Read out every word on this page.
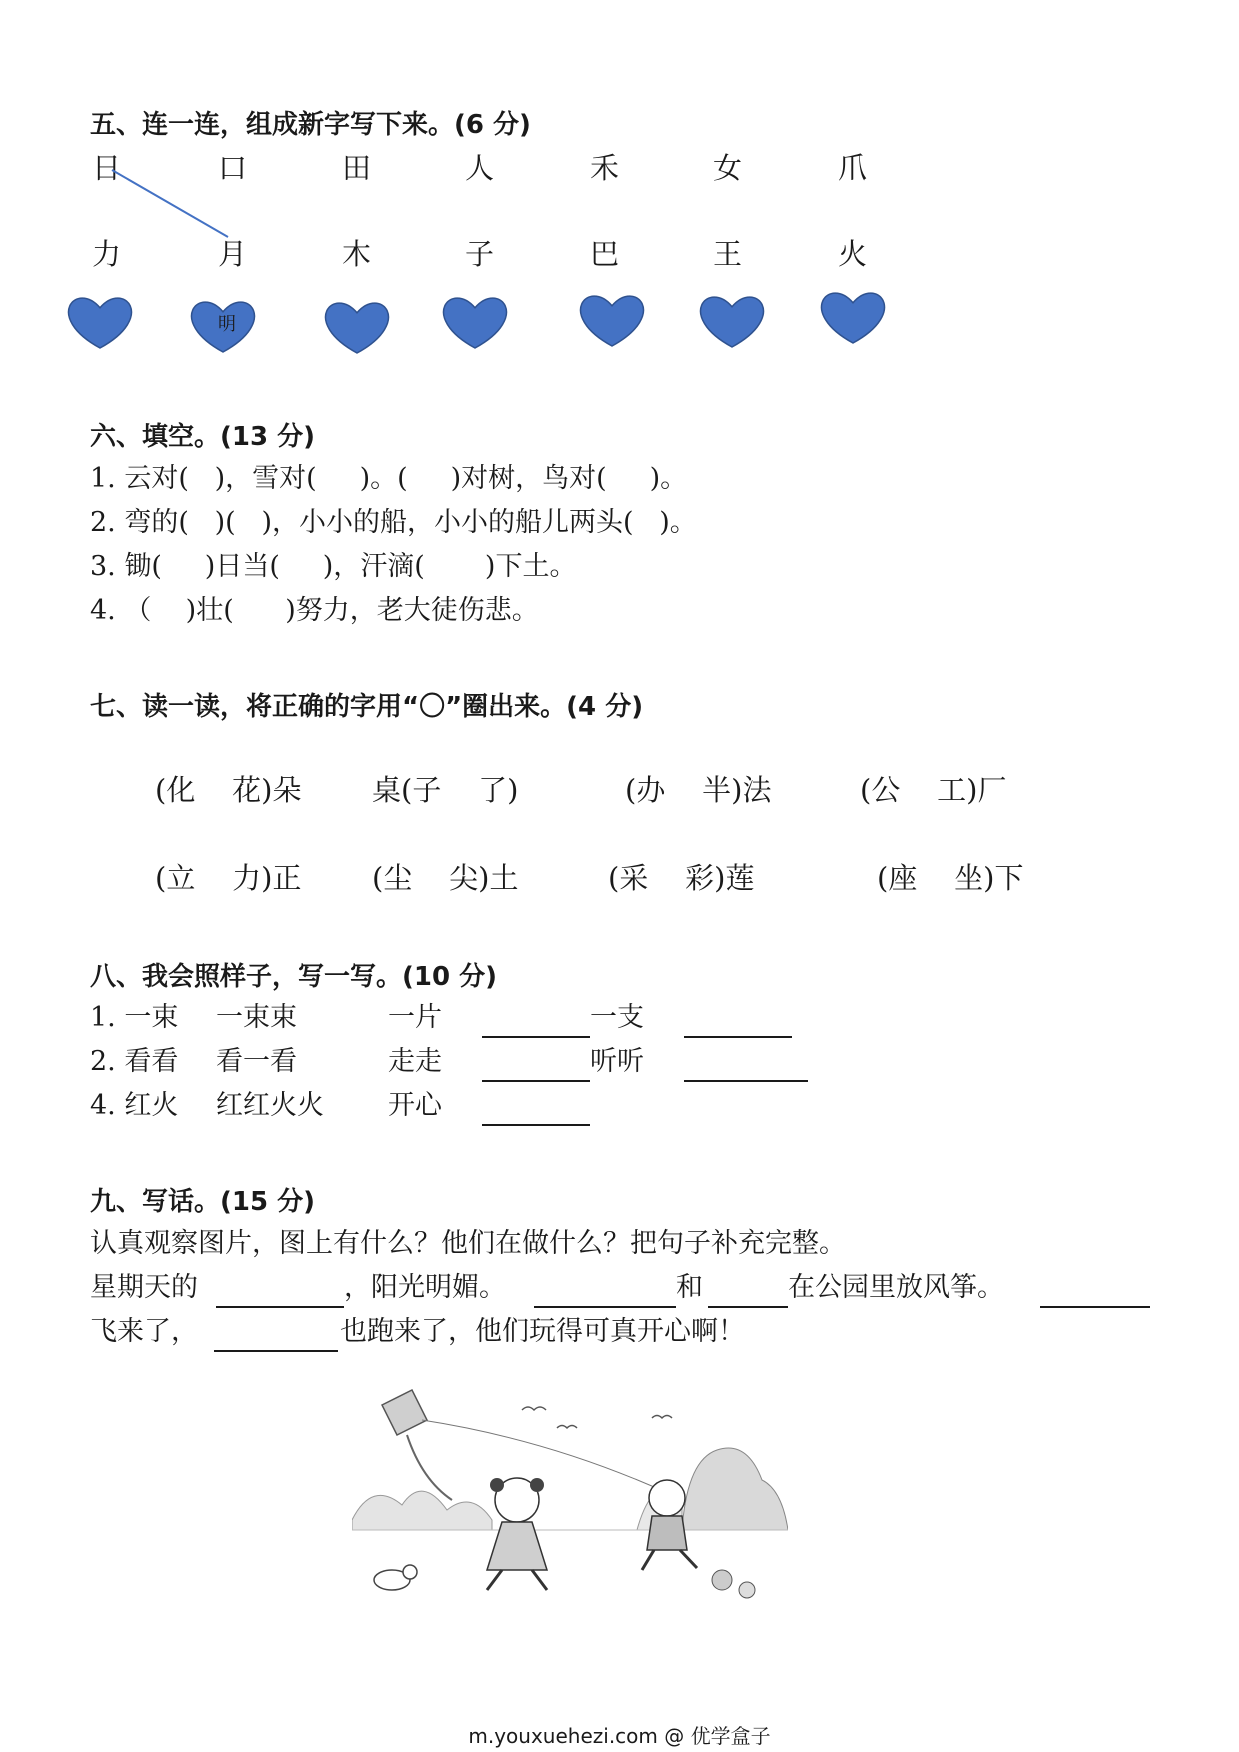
五、连一连，组成新字写下来。(6 分)
日	口	田	人	禾	女	爪
力	月	木	子	巴	王	火
明
六、填空。(13 分)
1. 云对(   )，雪对(     )。(     )对树，鸟对(     )。
2. 弯的(   )(   )，小小的船，小小的船儿两头(   )。
3. 锄(     )日当(     )，汗滴(       )下土。
4. （    )壮(      )努力，老大徒伤悲。
七、读一读，将正确的字用“〇”圈出来。(4 分)
(化    花)朵 桌(子    了)	(办    半)法	(公    工)厂
(立    力)正 (尘    尖)土	(采    彩)莲	(座    坐)下
八、我会照样子，写一写。(10 分)
1. 一束 一束束	一片	一支
2. 看看 看一看	走走	听听
4. 红火 红红火火 开心
九、写话。(15 分)
认真观察图片，图上有什么？他们在做什么？把句子补充完整。
星期天的	，阳光明媚。	和	在公园里放风筝。
飞来了，	也跑来了，他们玩得可真开心啊！
m.youxuehezi.com @ 优学盒子
